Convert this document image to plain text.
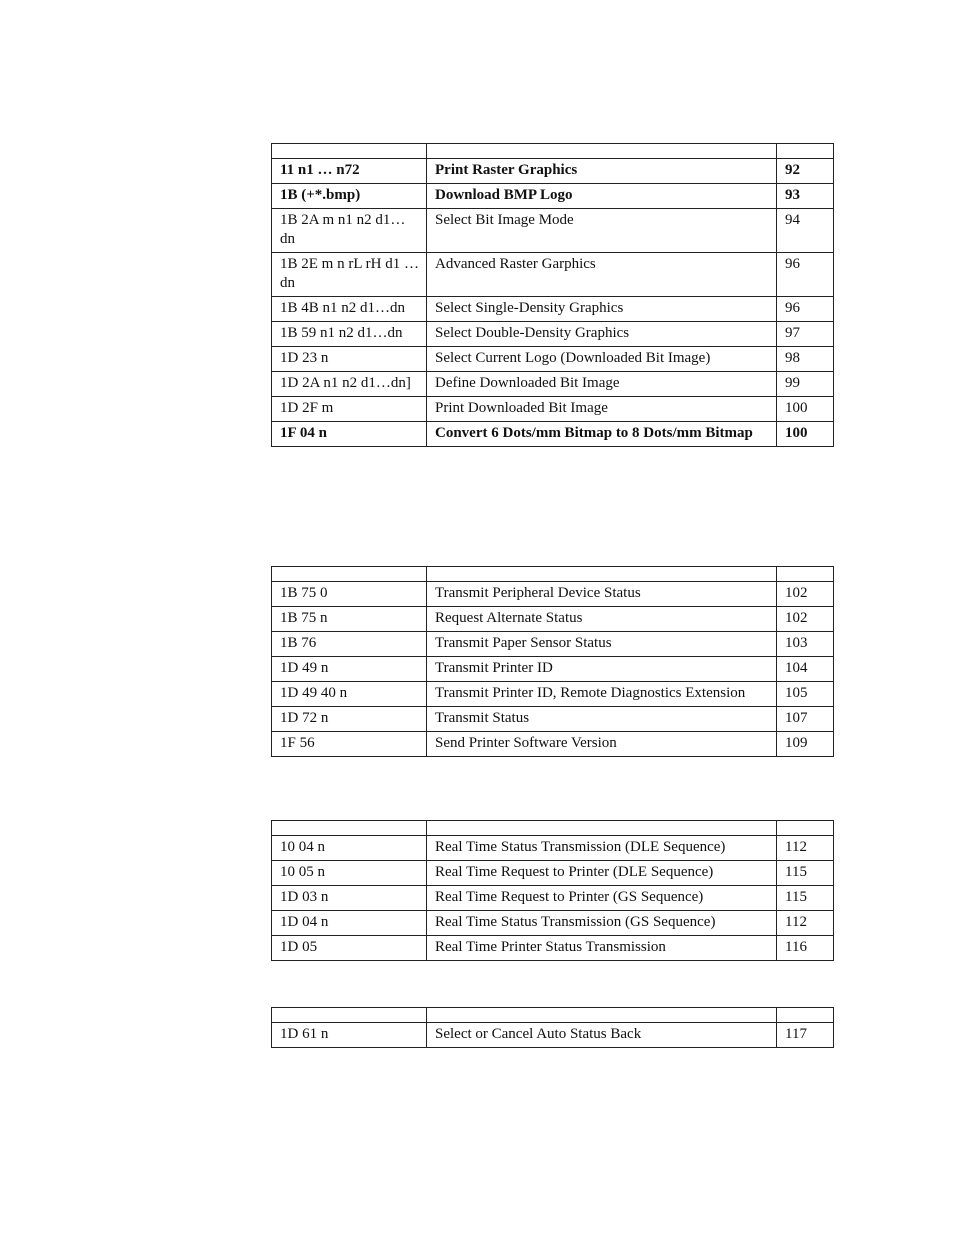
11 n1 … n72	Print Raster Graphics	92
1B (+*.bmp)	Download BMP Logo	93
1B 2A m n1 n2 d1…dn	Select Bit Image Mode	94
1B 2E m n rL rH d1 … dn	Advanced Raster Garphics	96
1B 4B n1 n2 d1…dn	Select Single-Density Graphics	96
1B 59 n1 n2 d1…dn	Select Double-Density Graphics	97
1D 23 n	Select Current Logo (Downloaded Bit Image)	98
1D 2A n1 n2 d1…dn]	Define Downloaded Bit Image	99
1D 2F m	Print Downloaded Bit Image	100
1F 04 n	Convert 6 Dots/mm Bitmap to 8 Dots/mm Bitmap	100

1B 75 0	Transmit Peripheral Device Status	102
1B 75 n	Request Alternate Status	102
1B 76	Transmit Paper Sensor Status	103
1D 49 n	Transmit Printer ID	104
1D 49 40 n	Transmit Printer ID, Remote Diagnostics Extension	105
1D 72 n	Transmit Status	107
1F 56	Send Printer Software Version	109

10 04 n	Real Time Status Transmission (DLE Sequence)	112
10 05 n	Real Time Request to Printer (DLE Sequence)	115
1D 03 n	Real Time Request to Printer (GS Sequence)	115
1D 04 n	Real Time Status Transmission (GS Sequence)	112
1D 05	Real Time Printer Status Transmission	116

1D 61 n	Select or Cancel Auto Status Back	117
